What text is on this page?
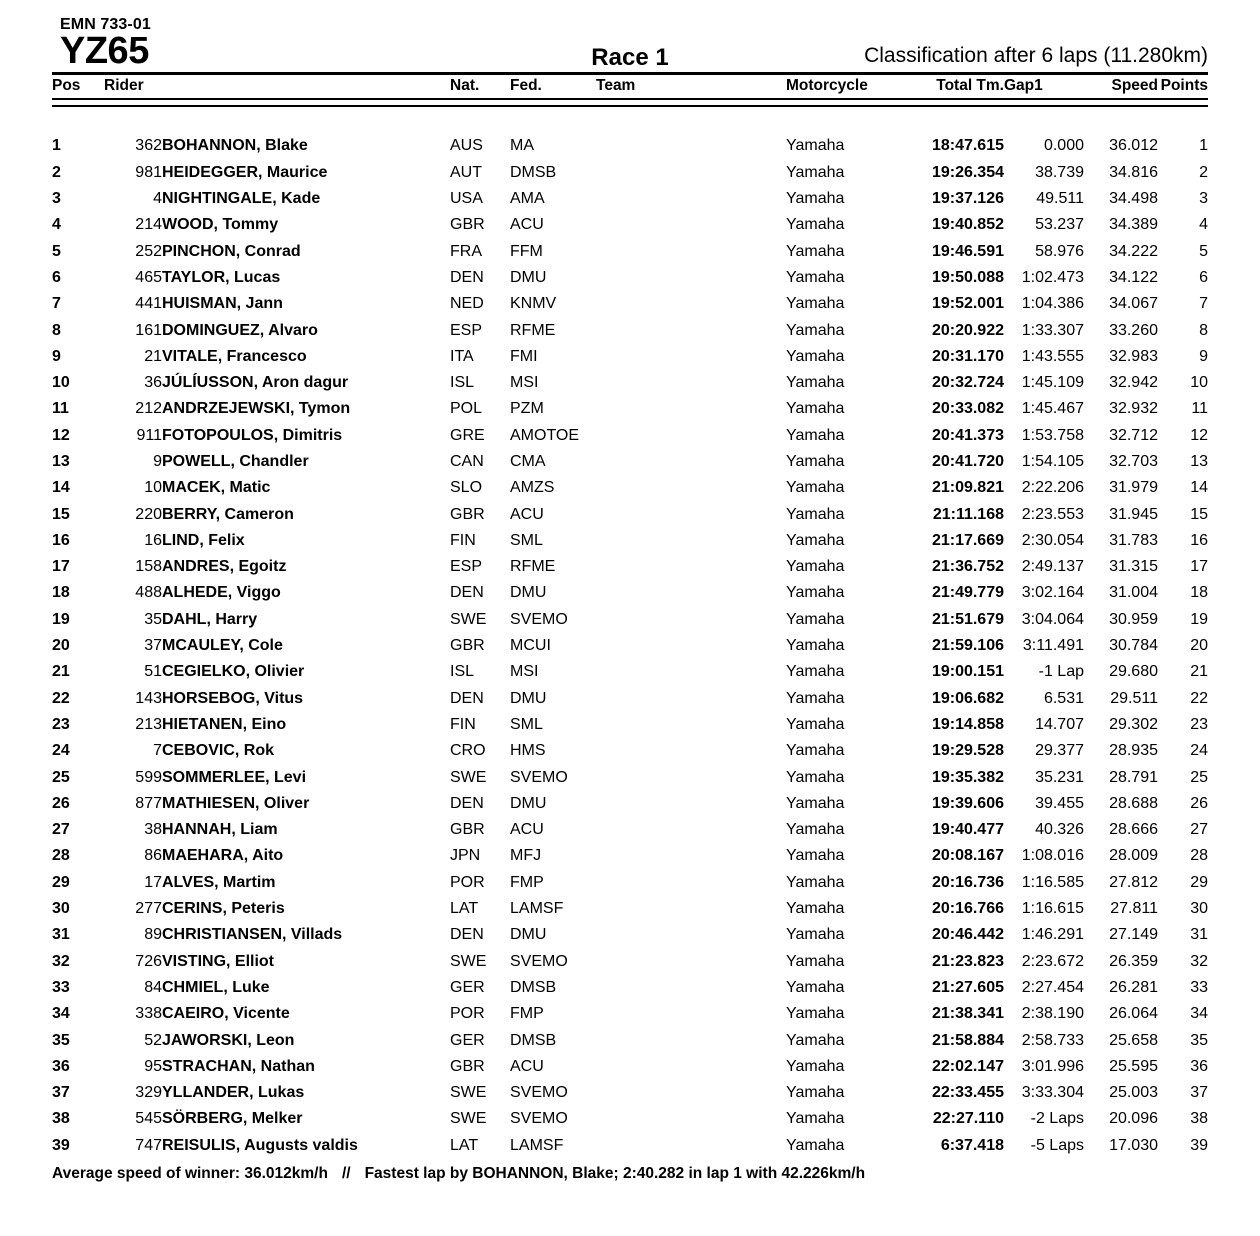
EMN 733-01
YZ65	Race 1	Classification after 6 laps (11.280km)
Pos	Rider	Nat.	Fed.	Team	Motorcycle	Total Tm.	Gap1	Speed	Points

1	362	BOHANNON, Blake	AUS	MA		Yamaha	18:47.615	0.000	36.012	1
2	981	HEIDEGGER, Maurice	AUT	DMSB		Yamaha	19:26.354	38.739	34.816	2
3	4	NIGHTINGALE, Kade	USA	AMA		Yamaha	19:37.126	49.511	34.498	3
4	214	WOOD, Tommy	GBR	ACU		Yamaha	19:40.852	53.237	34.389	4
5	252	PINCHON, Conrad	FRA	FFM		Yamaha	19:46.591	58.976	34.222	5
6	465	TAYLOR, Lucas	DEN	DMU		Yamaha	19:50.088	1:02.473	34.122	6
7	441	HUISMAN, Jann	NED	KNMV		Yamaha	19:52.001	1:04.386	34.067	7
8	161	DOMINGUEZ, Alvaro	ESP	RFME		Yamaha	20:20.922	1:33.307	33.260	8
9	21	VITALE, Francesco	ITA	FMI		Yamaha	20:31.170	1:43.555	32.983	9
10	36	JÚLÍUSSON, Aron dagur	ISL	MSI		Yamaha	20:32.724	1:45.109	32.942	10
11	212	ANDRZEJEWSKI, Tymon	POL	PZM		Yamaha	20:33.082	1:45.467	32.932	11
12	911	FOTOPOULOS, Dimitris	GRE	AMOTOE		Yamaha	20:41.373	1:53.758	32.712	12
13	9	POWELL, Chandler	CAN	CMA		Yamaha	20:41.720	1:54.105	32.703	13
14	10	MACEK, Matic	SLO	AMZS		Yamaha	21:09.821	2:22.206	31.979	14
15	220	BERRY, Cameron	GBR	ACU		Yamaha	21:11.168	2:23.553	31.945	15
16	16	LIND, Felix	FIN	SML		Yamaha	21:17.669	2:30.054	31.783	16
17	158	ANDRES, Egoitz	ESP	RFME		Yamaha	21:36.752	2:49.137	31.315	17
18	488	ALHEDE, Viggo	DEN	DMU		Yamaha	21:49.779	3:02.164	31.004	18
19	35	DAHL, Harry	SWE	SVEMO		Yamaha	21:51.679	3:04.064	30.959	19
20	37	MCAULEY, Cole	GBR	MCUI		Yamaha	21:59.106	3:11.491	30.784	20
21	51	CEGIELKO, Olivier	ISL	MSI		Yamaha	19:00.151	-1 Lap	29.680	21
22	143	HORSEBOG, Vitus	DEN	DMU		Yamaha	19:06.682	6.531	29.511	22
23	213	HIETANEN, Eino	FIN	SML		Yamaha	19:14.858	14.707	29.302	23
24	7	CEBOVIC, Rok	CRO	HMS		Yamaha	19:29.528	29.377	28.935	24
25	599	SOMMERLEE, Levi	SWE	SVEMO		Yamaha	19:35.382	35.231	28.791	25
26	877	MATHIESEN, Oliver	DEN	DMU		Yamaha	19:39.606	39.455	28.688	26
27	38	HANNAH, Liam	GBR	ACU		Yamaha	19:40.477	40.326	28.666	27
28	86	MAEHARA, Aito	JPN	MFJ		Yamaha	20:08.167	1:08.016	28.009	28
29	17	ALVES, Martim	POR	FMP		Yamaha	20:16.736	1:16.585	27.812	29
30	277	CERINS, Peteris	LAT	LAMSF		Yamaha	20:16.766	1:16.615	27.811	30
31	89	CHRISTIANSEN, Villads	DEN	DMU		Yamaha	20:46.442	1:46.291	27.149	31
32	726	VISTING, Elliot	SWE	SVEMO		Yamaha	21:23.823	2:23.672	26.359	32
33	84	CHMIEL, Luke	GER	DMSB		Yamaha	21:27.605	2:27.454	26.281	33
34	338	CAEIRO, Vicente	POR	FMP		Yamaha	21:38.341	2:38.190	26.064	34
35	52	JAWORSKI, Leon	GER	DMSB		Yamaha	21:58.884	2:58.733	25.658	35
36	95	STRACHAN, Nathan	GBR	ACU		Yamaha	22:02.147	3:01.996	25.595	36
37	329	YLLANDER, Lukas	SWE	SVEMO		Yamaha	22:33.455	3:33.304	25.003	37
38	545	SÖRBERG, Melker	SWE	SVEMO		Yamaha	22:27.110	-2 Laps	20.096	38
39	747	REISULIS, Augusts valdis	LAT	LAMSF		Yamaha	6:37.418	-5 Laps	17.030	39
Average speed of winner: 36.012km/h // Fastest lap by BOHANNON, Blake; 2:40.282 in lap 1 with 42.226km/h
